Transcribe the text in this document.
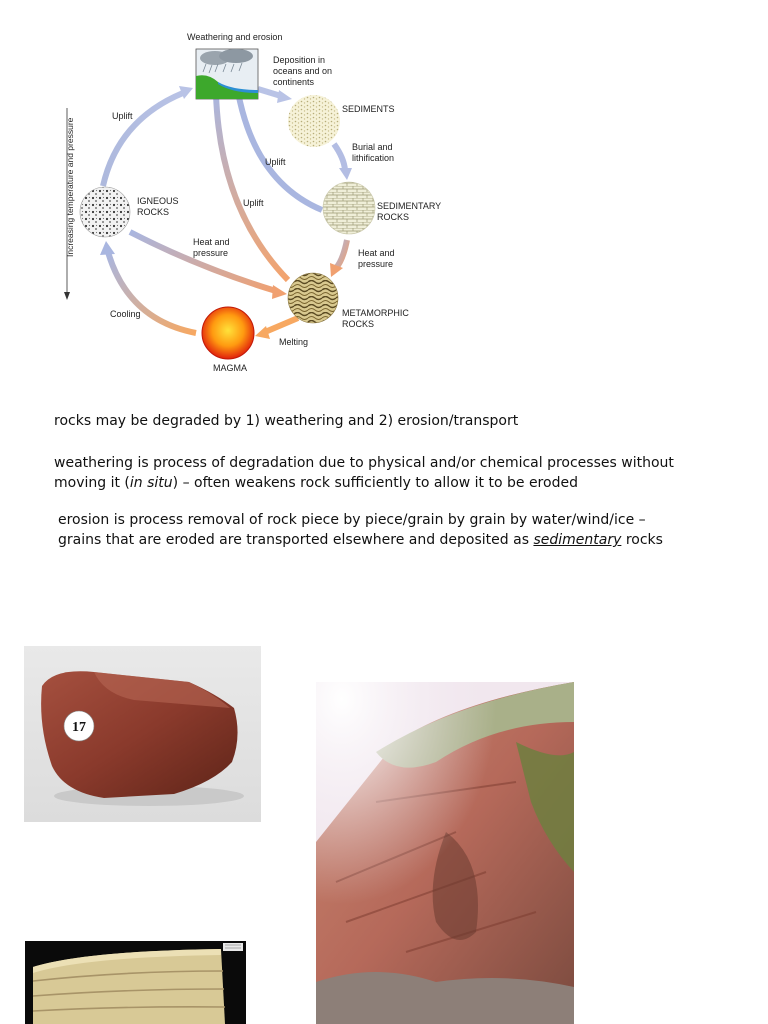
Increasing temperature and pressure
Weathering and erosion
Deposition in oceans and on continents
SEDIMENTS
Burial and lithification
SEDIMENTARY ROCKS
Heat and pressure
METAMORPHIC ROCKS
Melting
MAGMA
Cooling
IGNEOUS ROCKS
Uplift
Uplift
Uplift
Heat and pressure

rocks may be degraded by 1) weathering and 2) erosion/transport

weathering is process of degradation due to physical and/or chemical processes without
moving it (in situ) – often weakens rock sufficiently to allow it to be eroded

erosion is process removal of rock piece by piece/grain by grain by water/wind/ice –
grains that are eroded are transported elsewhere and deposited as sedimentary rocks

17
